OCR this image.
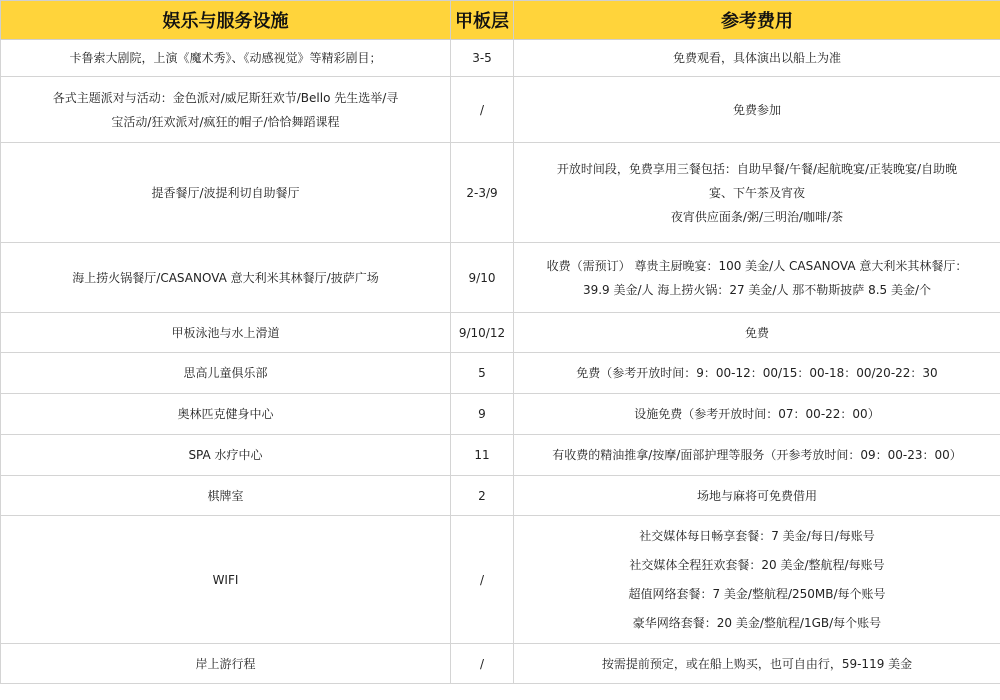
娱乐与服务设施	甲板层	参考费用

卡鲁索大剧院，上演《魔术秀》、《动感视觉》等精彩剧目；	3-5	免费观看，具体演出以船上为准

各式主题派对与活动：金色派对/威尼斯狂欢节/Bello 先生选举/寻
宝活动/狂欢派对/疯狂的帽子/恰恰舞蹈课程	/	免费参加

提香餐厅/波提利切自助餐厅	2-3/9	开放时间段，免费享用三餐包括：自助早餐/午餐/起航晚宴/正装晚宴/自助晚
宴、下午茶及宵夜
夜宵供应面条/粥/三明治/咖啡/茶

海上捞火锅餐厅/CASANOVA 意大利米其林餐厅/披萨广场	9/10	收费（需预订） 尊贵主厨晚宴：100 美金/人 CASANOVA 意大利米其林餐厅：
39.9 美金/人 海上捞火锅：27 美金/人 那不勒斯披萨 8.5 美金/个

甲板泳池与水上滑道	9/10/12	免费

思高儿童俱乐部	5	免费（参考开放时间：9：00-12：00/15：00-18：00/20-22：30

奥林匹克健身中心	9	设施免费（参考开放时间：07：00-22：00）

SPA 水疗中心	11	有收费的精油推拿/按摩/面部护理等服务（开参考放时间：09：00-23：00）

棋牌室	2	场地与麻将可免费借用

WIFI	/	社交媒体每日畅享套餐：7 美金/每日/每账号
社交媒体全程狂欢套餐：20 美金/整航程/每账号
超值网络套餐：7 美金/整航程/250MB/每个账号
豪华网络套餐：20 美金/整航程/1GB/每个账号

岸上游行程	/	按需提前预定，或在船上购买，也可自由行，59-119 美金
